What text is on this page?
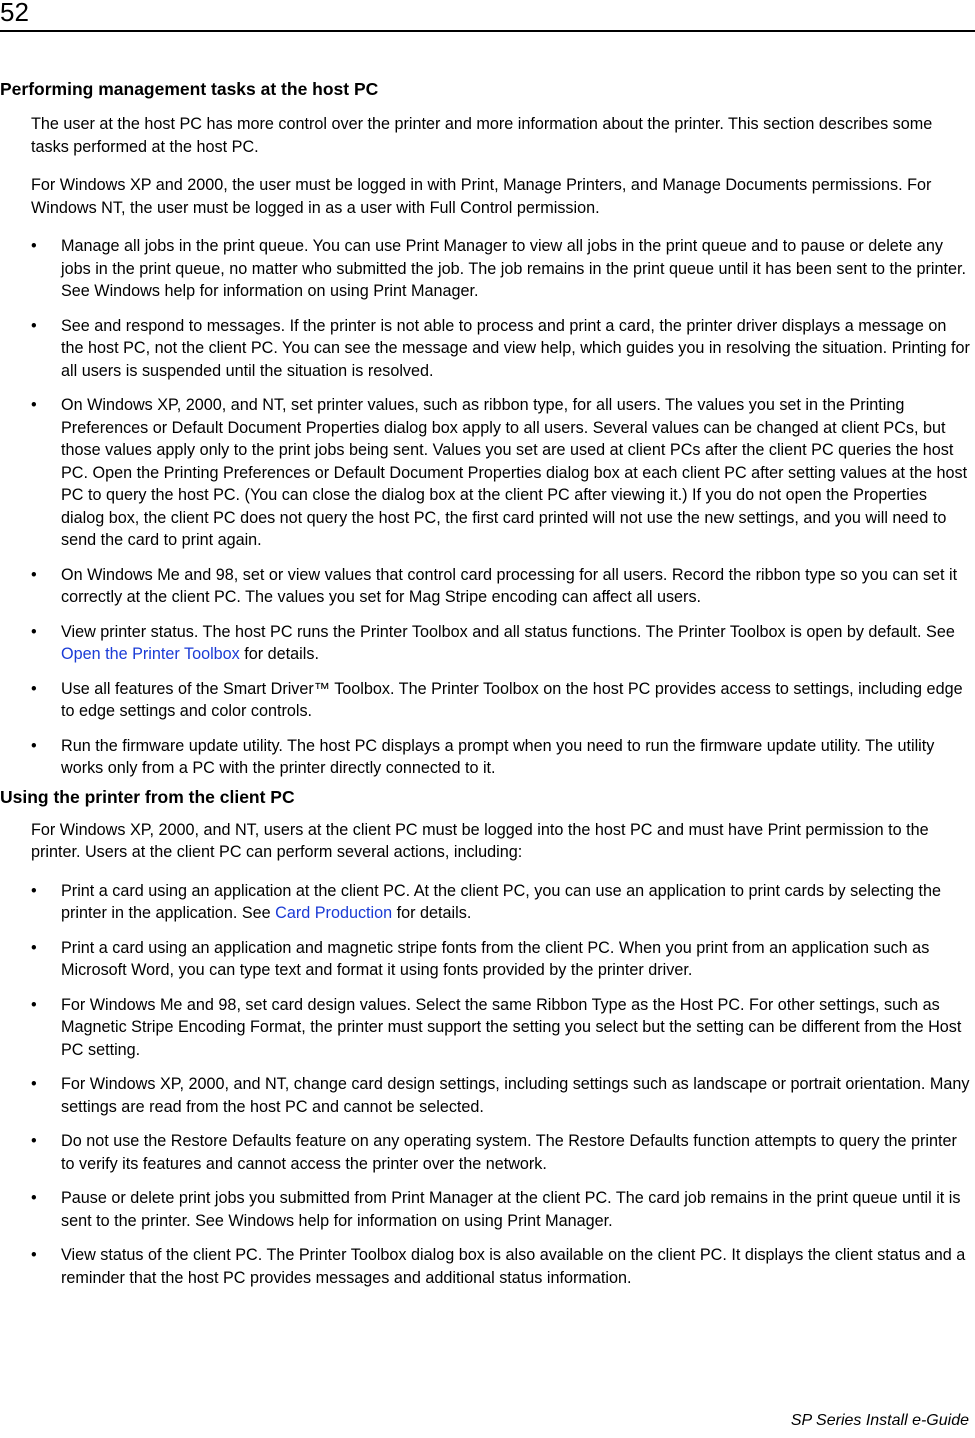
52
Performing management tasks at the host PC

The user at the host PC has more control over the printer and more information about the printer. This section describes some tasks performed at the host PC.

For Windows XP and 2000, the user must be logged in with Print, Manage Printers, and Manage Documents permissions. For Windows NT, the user must be logged in as a user with Full Control permission.

• Manage all jobs in the print queue. You can use Print Manager to view all jobs in the print queue and to pause or delete any jobs in the print queue, no matter who submitted the job. The job remains in the print queue until it has been sent to the printer. See Windows help for information on using Print Manager.
• See and respond to messages. If the printer is not able to process and print a card, the printer driver displays a message on the host PC, not the client PC. You can see the message and view help, which guides you in resolving the situation. Printing for all users is suspended until the situation is resolved.
• On Windows XP, 2000, and NT, set printer values, such as ribbon type, for all users. The values you set in the Printing Preferences or Default Document Properties dialog box apply to all users. Several values can be changed at client PCs, but those values apply only to the print jobs being sent. Values you set are used at client PCs after the client PC queries the host PC. Open the Printing Preferences or Default Document Properties dialog box at each client PC after setting values at the host PC to query the host PC. (You can close the dialog box at the client PC after viewing it.) If you do not open the Properties dialog box, the client PC does not query the host PC, the first card printed will not use the new settings, and you will need to send the card to print again.
• On Windows Me and 98, set or view values that control card processing for all users. Record the ribbon type so you can set it correctly at the client PC. The values you set for Mag Stripe encoding can affect all users.
• View printer status. The host PC runs the Printer Toolbox and all status functions. The Printer Toolbox is open by default. See Open the Printer Toolbox for details.
• Use all features of the Smart Driver™ Toolbox. The Printer Toolbox on the host PC provides access to settings, including edge to edge settings and color controls.
• Run the firmware update utility. The host PC displays a prompt when you need to run the firmware update utility. The utility works only from a PC with the printer directly connected to it.
Using the printer from the client PC

For Windows XP, 2000, and NT, users at the client PC must be logged into the host PC and must have Print permission to the printer. Users at the client PC can perform several actions, including:

• Print a card using an application at the client PC. At the client PC, you can use an application to print cards by selecting the printer in the application. See Card Production for details.
• Print a card using an application and magnetic stripe fonts from the client PC. When you print from an application such as Microsoft Word, you can type text and format it using fonts provided by the printer driver.
• For Windows Me and 98, set card design values. Select the same Ribbon Type as the Host PC. For other settings, such as Magnetic Stripe Encoding Format, the printer must support the setting you select but the setting can be different from the Host PC setting.
• For Windows XP, 2000, and NT, change card design settings, including settings such as landscape or portrait orientation. Many settings are read from the host PC and cannot be selected.
• Do not use the Restore Defaults feature on any operating system. The Restore Defaults function attempts to query the printer to verify its features and cannot access the printer over the network.
• Pause or delete print jobs you submitted from Print Manager at the client PC. The card job remains in the print queue until it is sent to the printer. See Windows help for information on using Print Manager.
• View status of the client PC. The Printer Toolbox dialog box is also available on the client PC. It displays the client status and a reminder that the host PC provides messages and additional status information.
SP Series Install e-Guide
